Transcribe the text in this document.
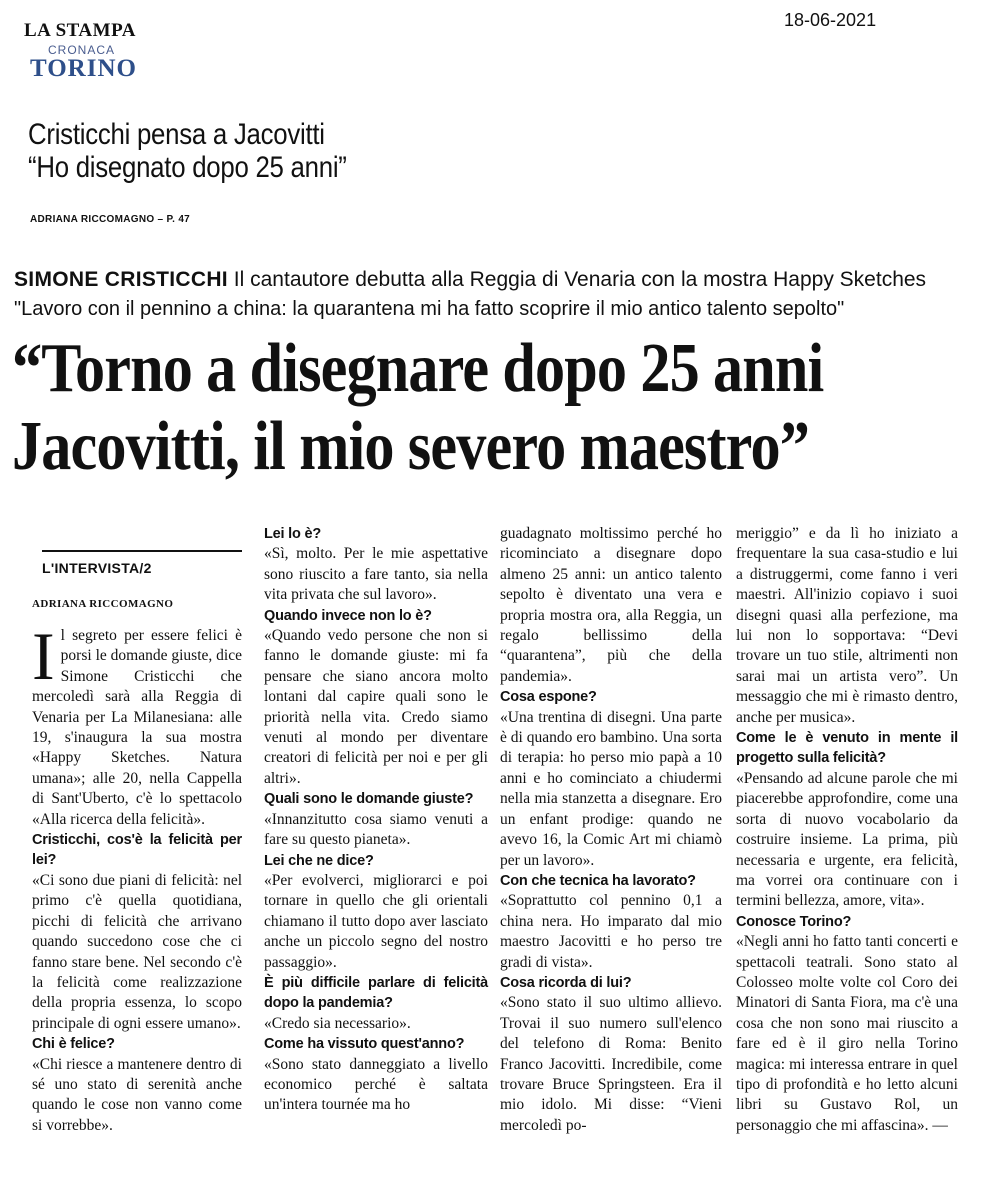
LA STAMPA
CRONACA
TORINO
18-06-2021
Cristicchi pensa a Jacovitti
“Ho disegnato dopo 25 anni”
ADRIANA RICCOMAGNO – P. 47
SIMONE CRISTICCHI Il cantautore debutta alla Reggia di Venaria con la mostra Happy Sketches
"Lavoro con il pennino a china: la quarantena mi ha fatto scoprire il mio antico talento sepolto"
“Torno a disegnare dopo 25 anni
Jacovitti, il mio severo maestro”
L'INTERVISTA/2
ADRIANA RICCOMAGNO

Il segreto per essere felici è porsi le domande giuste, dice Simone Cristicchi che mercoledì sarà alla Reggia di Venaria per La Milanesiana: alle 19, s'inaugura la sua mostra «Happy Sketches. Natura umana»; alle 20, nella Cappella di Sant'Uberto, c'è lo spettacolo «Alla ricerca della felicità».

Cristicchi, cos'è la felicità per lei?

«Ci sono due piani di felicità: nel primo c'è quella quotidiana, picchi di felicità che arrivano quando succedono cose che ci fanno stare bene. Nel secondo c'è la felicità come realizzazione della propria essenza, lo scopo principale di ogni essere umano».

Chi è felice?

«Chi riesce a mantenere dentro di sé uno stato di serenità anche quando le cose non vanno come si vorrebbe».

Lei lo è?

«Sì, molto. Per le mie aspettative sono riuscito a fare tanto, sia nella vita privata che sul lavoro».

Quando invece non lo è?

«Quando vedo persone che non si fanno le domande giuste: mi fa pensare che siano ancora molto lontani dal capire quali sono le priorità nella vita. Credo siamo venuti al mondo per diventare creatori di felicità per noi e per gli altri».

Quali sono le domande giuste?

«Innanzitutto cosa siamo venuti a fare su questo pianeta».

Lei che ne dice?

«Per evolverci, migliorarci e poi tornare in quello che gli orientali chiamano il tutto dopo aver lasciato anche un piccolo segno del nostro passaggio».

È più difficile parlare di felicità dopo la pandemia?

«Credo sia necessario».

Come ha vissuto quest'anno?

«Sono stato danneggiato a livello economico perché è saltata un'intera tournée ma ho

guadagnato moltissimo perché ho ricominciato a disegnare dopo almeno 25 anni: un antico talento sepolto è diventato una vera e propria mostra ora, alla Reggia, un regalo bellissimo della “quarantena”, più che della pandemia».

Cosa espone?

«Una trentina di disegni. Una parte è di quando ero bambino. Una sorta di terapia: ho perso mio papà a 10 anni e ho cominciato a chiudermi nella mia stanzetta a disegnare. Ero un enfant prodige: quando ne avevo 16, la Comic Art mi chiamò per un lavoro».

Con che tecnica ha lavorato?

«Soprattutto col pennino 0,1 a china nera. Ho imparato dal mio maestro Jacovitti e ho perso tre gradi di vista».

Cosa ricorda di lui?

«Sono stato il suo ultimo allievo. Trovai il suo numero sull'elenco del telefono di Roma: Benito Franco Jacovitti. Incredibile, come trovare Bruce Springsteen. Era il mio idolo. Mi disse: “Vieni mercoledì po-

meriggio” e da lì ho iniziato a frequentare la sua casa-studio e lui a distruggermi, come fanno i veri maestri. All'inizio copiavo i suoi disegni quasi alla perfezione, ma lui non lo sopportava: “Devi trovare un tuo stile, altrimenti non sarai mai un artista vero”. Un messaggio che mi è rimasto dentro, anche per musica».

Come le è venuto in mente il progetto sulla felicità?

«Pensando ad alcune parole che mi piacerebbe approfondire, come una sorta di nuovo vocabolario da costruire insieme. La prima, più necessaria e urgente, era felicità, ma vorrei ora continuare con i termini bellezza, amore, vita».

Conosce Torino?

«Negli anni ho fatto tanti concerti e spettacoli teatrali. Sono stato al Colosseo molte volte col Coro dei Minatori di Santa Fiora, ma c'è una cosa che non sono mai riuscito a fare ed è il giro nella Torino magica: mi interessa entrare in quel tipo di profondità e ho letto alcuni libri su Gustavo Rol, un personaggio che mi affascina». —
